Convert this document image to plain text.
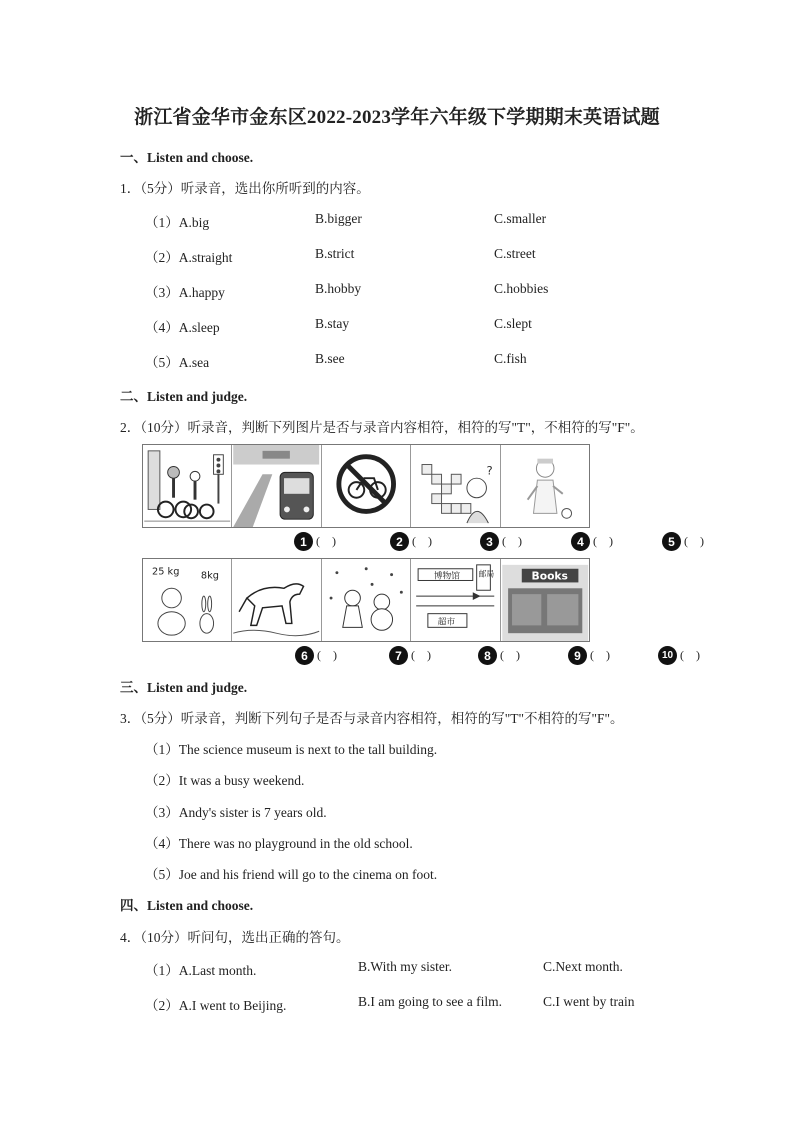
浙江省金华市金东区2022-2023学年六年级下学期期末英语试题
一、Listen and choose.
1．（5分）听录音，选出你所听到的内容。
（1）A.big	B.bigger	C.smaller
（2）A.straight	B.strict	C.street
（3）A.happy	B.hobby	C.hobbies
（4）A.sleep	B.stay	C.slept
（5）A.sea	B.see	C.fish
二、Listen and judge.
2．（10分）听录音，判断下列图片是否与录音内容相符，相符的写"T"，不相符的写"F"。
?
1 (    )	2 (    )	3 (    )	4 (    )	5 (    )
25 kg 8kg	博物馆 邮局
超市
Books
6 (    )	7 (    )	8 (    )	9 (    )	10 (    )
三、Listen and judge.
3．（5分）听录音，判断下列句子是否与录音内容相符，相符的写"T"不相符的写"F"。
（1）The science museum is next to the tall building.
（2）It was a busy weekend.
（3）Andy's sister is 7 years old.
（4）There was no playground in the old school.
（5）Joe and his friend will go to the cinema on foot.
四、Listen and choose.
4．（10分）听问句，选出正确的答句。
（1）A.Last month.	B.With my sister.	C.Next month.
（2）A.I went to Beijing.	B.I am going to see a film.	C.I went by train
